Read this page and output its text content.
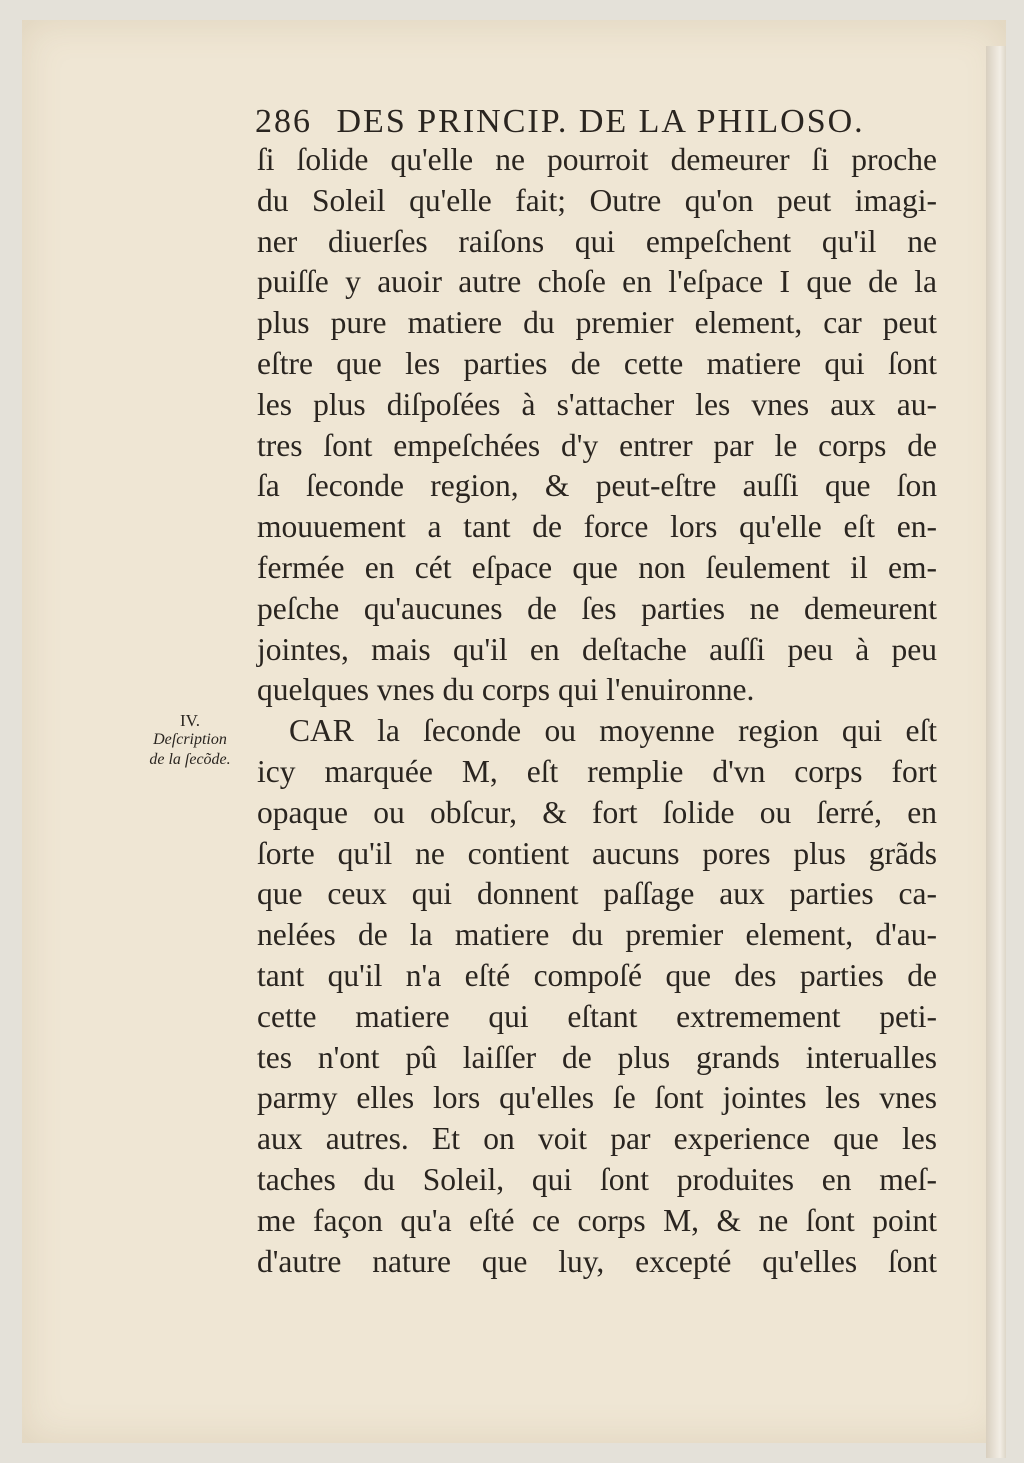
286 DES PRINCIP. DE LA PHILOSO.
IV.
Deſcription
de la ſecõde.
ſi ſolide qu'elle ne pourroit demeurer ſi proche
du Soleil qu'elle fait; Outre qu'on peut imagi-
ner diuerſes raiſons qui empeſchent qu'il ne
puiſſe y auoir autre choſe en l'eſpace I que de la
plus pure matiere du premier element, car peut
eſtre que les parties de cette matiere qui ſont
les plus diſpoſées à s'attacher les vnes aux au-
tres ſont empeſchées d'y entrer par le corps de
ſa ſeconde region, & peut-eſtre auſſi que ſon
mouuement a tant de force lors qu'elle eſt en-
fermée en cét eſpace que non ſeulement il em-
peſche qu'aucunes de ſes parties ne demeurent
jointes, mais qu'il en deſtache auſſi peu à peu
quelques vnes du corps qui l'enuironne.
CAR la ſeconde ou moyenne region qui eſt
icy marquée M, eſt remplie d'vn corps fort
opaque ou obſcur, & fort ſolide ou ſerré, en
ſorte qu'il ne contient aucuns pores plus grãds
que ceux qui donnent paſſage aux parties ca-
nelées de la matiere du premier element, d'au-
tant qu'il n'a eſté compoſé que des parties de
cette matiere qui eſtant extremement peti-
tes n'ont pû laiſſer de plus grands interualles
parmy elles lors qu'elles ſe ſont jointes les vnes
aux autres. Et on voit par experience que les
taches du Soleil, qui ſont produites en meſ-
me façon qu'a eſté ce corps M, & ne ſont point
d'autre nature que luy, excepté qu'elles ſont
